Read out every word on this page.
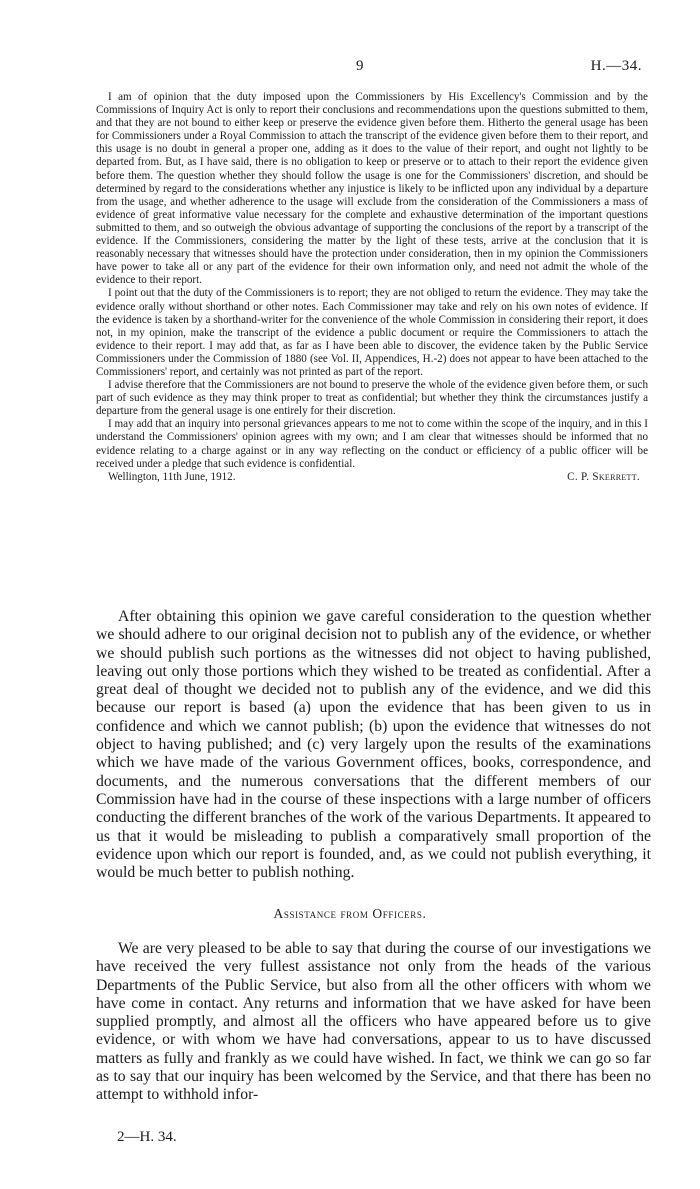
9	H.—34.

I am of opinion that the duty imposed upon the Commissioners by His Excellency's Commission and by the Commissions of Inquiry Act is only to report their conclusions and recommendations upon the questions submitted to them, and that they are not bound to either keep or preserve the evidence given before them. Hitherto the general usage has been for Commissioners under a Royal Commission to attach the transcript of the evidence given before them to their report, and this usage is no doubt in general a proper one, adding as it does to the value of their report, and ought not lightly to be departed from. But, as I have said, there is no obligation to keep or preserve or to attach to their report the evidence given before them. The question whether they should follow the usage is one for the Commissioners' discretion, and should be determined by regard to the considerations whether any injustice is likely to be inflicted upon any individual by a departure from the usage, and whether adherence to the usage will exclude from the consideration of the Commissioners a mass of evidence of great informative value necessary for the complete and exhaustive determination of the important questions submitted to them, and so outweigh the obvious advantage of supporting the conclusions of the report by a transcript of the evidence. If the Commissioners, considering the matter by the light of these tests, arrive at the conclusion that it is reasonably necessary that witnesses should have the protection under consideration, then in my opinion the Commissioners have power to take all or any part of the evidence for their own information only, and need not admit the whole of the evidence to their report.

I point out that the duty of the Commissioners is to report; they are not obliged to return the evidence. They may take the evidence orally without shorthand or other notes. Each Commissioner may take and rely on his own notes of evidence. If the evidence is taken by a shorthand-writer for the convenience of the whole Commission in considering their report, it does not, in my opinion, make the transcript of the evidence a public document or require the Commissioners to attach the evidence to their report. I may add that, as far as I have been able to discover, the evidence taken by the Public Service Commissioners under the Commission of 1880 (see Vol. II, Appendices, H.-2) does not appear to have been attached to the Commissioners' report, and certainly was not printed as part of the report.

I advise therefore that the Commissioners are not bound to preserve the whole of the evidence given before them, or such part of such evidence as they may think proper to treat as confidential; but whether they think the circumstances justify a departure from the general usage is one entirely for their discretion.

I may add that an inquiry into personal grievances appears to me not to come within the scope of the inquiry, and in this I understand the Commissioners' opinion agrees with my own; and I am clear that witnesses should be informed that no evidence relating to a charge against or in any way reflecting on the conduct or efficiency of a public officer will be received under a pledge that such evidence is confidential.

Wellington, 11th June, 1912.	C. P. Skerrett.

After obtaining this opinion we gave careful consideration to the question whether we should adhere to our original decision not to publish any of the evidence, or whether we should publish such portions as the witnesses did not object to having published, leaving out only those portions which they wished to be treated as confidential. After a great deal of thought we decided not to publish any of the evidence, and we did this because our report is based (a) upon the evidence that has been given to us in confidence and which we cannot publish; (b) upon the evidence that witnesses do not object to having published; and (c) very largely upon the results of the examinations which we have made of the various Government offices, books, correspondence, and documents, and the numerous conversations that the different members of our Commission have had in the course of these inspections with a large number of officers conducting the different branches of the work of the various Departments. It appeared to us that it would be misleading to publish a comparatively small proportion of the evidence upon which our report is founded, and, as we could not publish everything, it would be much better to publish nothing.

Assistance from Officers.

We are very pleased to be able to say that during the course of our investigations we have received the very fullest assistance not only from the heads of the various Departments of the Public Service, but also from all the other officers with whom we have come in contact. Any returns and information that we have asked for have been supplied promptly, and almost all the officers who have appeared before us to give evidence, or with whom we have had conversations, appear to us to have discussed matters as fully and frankly as we could have wished. In fact, we think we can go so far as to say that our inquiry has been welcomed by the Service, and that there has been no attempt to withhold infor-

2—H. 34.
